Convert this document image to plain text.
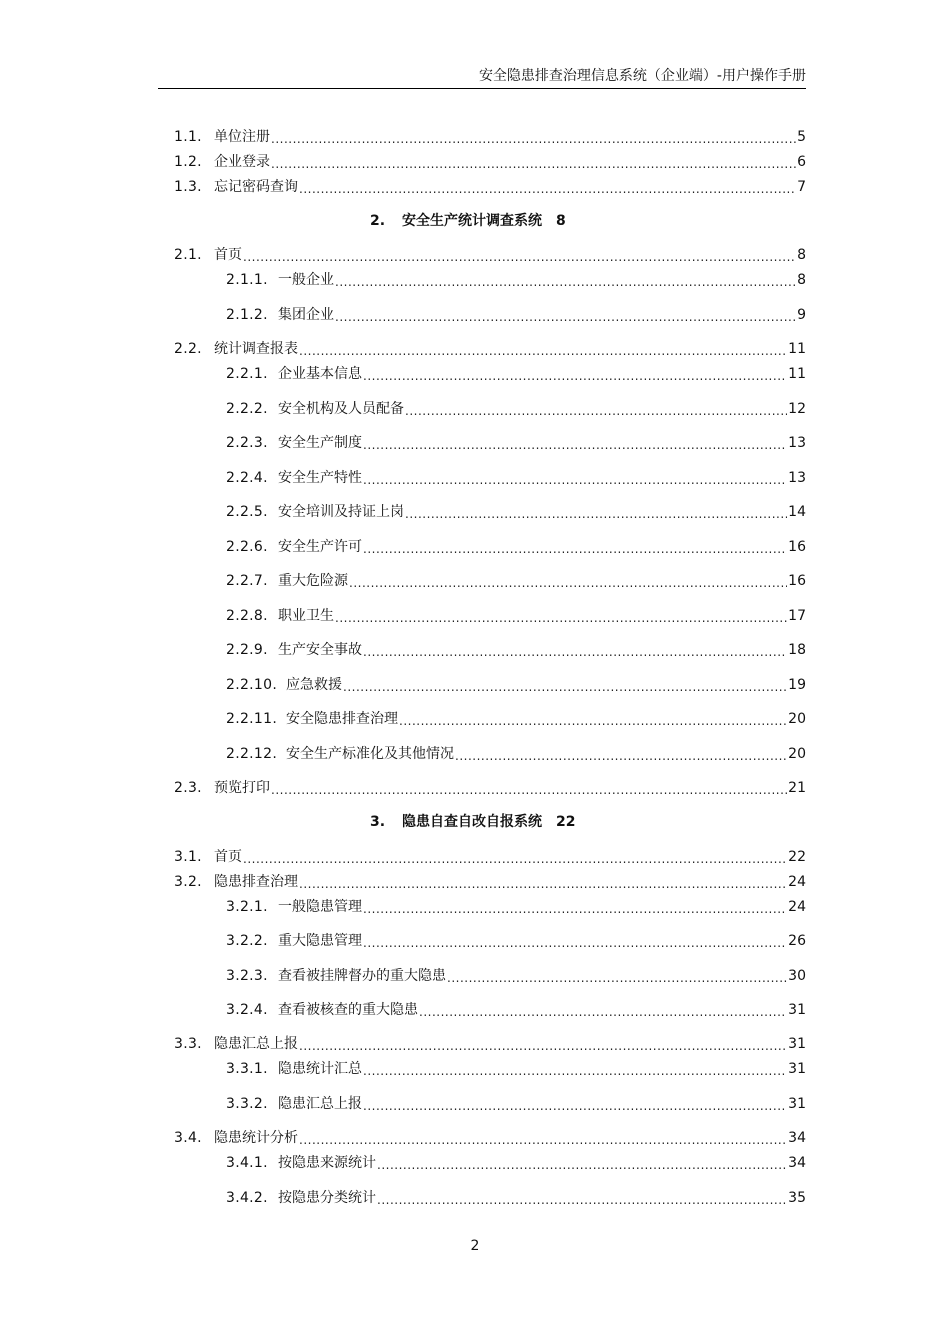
安全隐患排查治理信息系统（企业端）-用户操作手册
1.1. 单位注册 .....	5
1.2. 企业登录 .....	6
1.3. 忘记密码查询 .....	7
2. 安全生产统计调查系统 8
2.1. 首页 .....	8
2.1.1. 一般企业 .....	8
2.1.2. 集团企业 .....	9
2.2. 统计调查报表 .....	11
2.2.1. 企业基本信息 .....	11
2.2.2. 安全机构及人员配备 .....	12
2.2.3. 安全生产制度 .....	13
2.2.4. 安全生产特性 .....	13
2.2.5. 安全培训及持证上岗 .....	14
2.2.6. 安全生产许可 .....	16
2.2.7. 重大危险源 .....	16
2.2.8. 职业卫生 .....	17
2.2.9. 生产安全事故 .....	18
2.2.10. 应急救援 .....	19
2.2.11. 安全隐患排查治理 .....	20
2.2.12. 安全生产标准化及其他情况 .....	20
2.3. 预览打印 .....	21
3. 隐患自查自改自报系统 22
3.1. 首页 .....	22
3.2. 隐患排查治理 .....	24
3.2.1. 一般隐患管理 .....	24
3.2.2. 重大隐患管理 .....	26
3.2.3. 查看被挂牌督办的重大隐患 .....	30
3.2.4. 查看被核查的重大隐患 .....	31
3.3. 隐患汇总上报 .....	31
3.3.1. 隐患统计汇总 .....	31
3.3.2. 隐患汇总上报 .....	31
3.4. 隐患统计分析 .....	34
3.4.1. 按隐患来源统计 .....	34
3.4.2. 按隐患分类统计 .....	35
2
